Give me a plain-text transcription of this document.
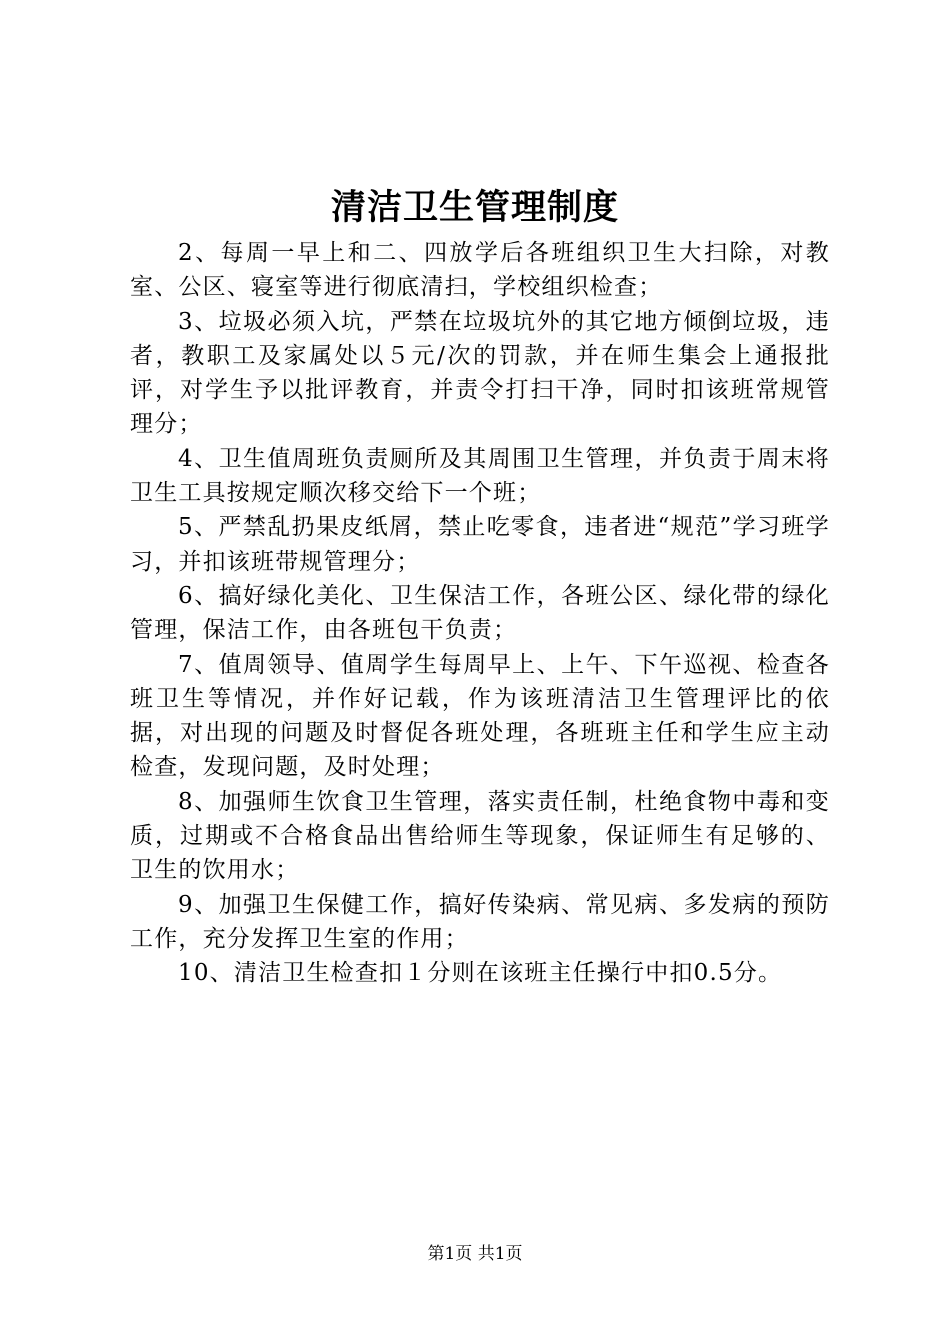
清洁卫生管理制度

2、每周一早上和二、四放学后各班组织卫生大扫除，对教室、公区、寝室等进行彻底清扫，学校组织检查；

3、垃圾必须入坑，严禁在垃圾坑外的其它地方倾倒垃圾，违者，教职工及家属处以５元/次的罚款，并在师生集会上通报批评，对学生予以批评教育，并责令打扫干净，同时扣该班常规管理分；

4、卫生值周班负责厕所及其周围卫生管理，并负责于周末将卫生工具按规定顺次移交给下一个班；

5、严禁乱扔果皮纸屑，禁止吃零食，违者进“规范”学习班学习，并扣该班带规管理分；

6、搞好绿化美化、卫生保洁工作，各班公区、绿化带的绿化管理，保洁工作，由各班包干负责；

7、值周领导、值周学生每周早上、上午、下午巡视、检查各班卫生等情况，并作好记载，作为该班清洁卫生管理评比的依据，对出现的问题及时督促各班处理，各班班主任和学生应主动检查，发现问题，及时处理；

8、加强师生饮食卫生管理，落实责任制，杜绝食物中毒和变质，过期或不合格食品出售给师生等现象，保证师生有足够的、卫生的饮用水；

9、加强卫生保健工作，搞好传染病、常见病、多发病的预防工作，充分发挥卫生室的作用；

10、清洁卫生检查扣１分则在该班主任操行中扣0.5分。

第1页 共1页
